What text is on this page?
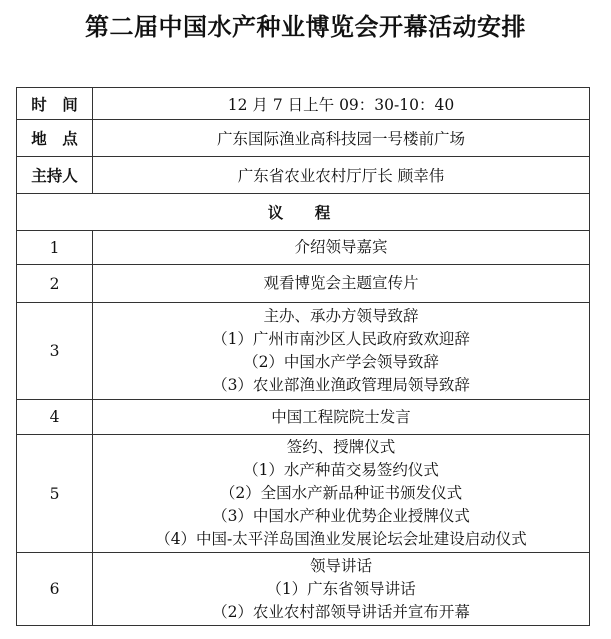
第二届中国水产种业博览会开幕活动安排
时　间	12 月 7 日上午 09：30-10：40
地　点	广东国际渔业高科技园一号楼前广场
主持人	广东省农业农村厅厅长 顾幸伟
议　程	
1	介绍领导嘉宾

2	观看博览会主题宣传片

3	主办、承办方领导致辞
（1）广州市南沙区人民政府致欢迎辞
（2）中国水产学会领导致辞
（3）农业部渔业渔政管理局领导致辞

4	中国工程院院士发言

5	签约、授牌仪式
（1）水产种苗交易签约仪式
（2）全国水产新品种证书颁发仪式
（3）中国水产种业优势企业授牌仪式
（4）中国-太平洋岛国渔业发展论坛会址建设启动仪式

6	领导讲话
（1）广东省领导讲话
（2）农业农村部领导讲话并宣布开幕
